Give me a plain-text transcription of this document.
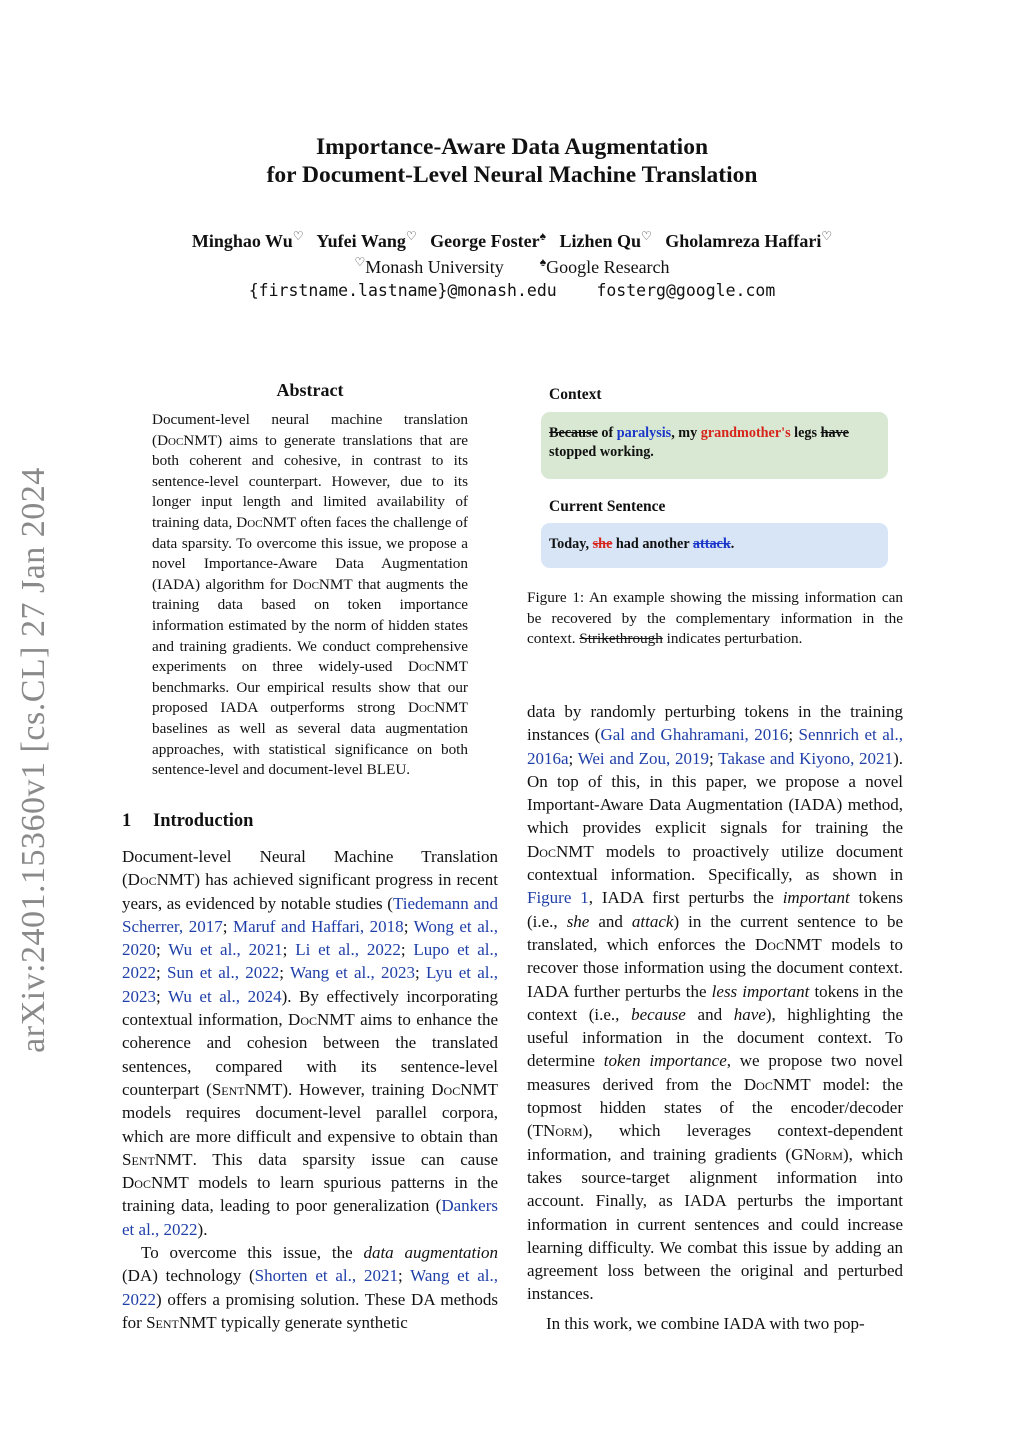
arXiv:2401.15360v1 [cs.CL] 27 Jan 2024
Importance-Aware Data Augmentation
for Document-Level Neural Machine Translation
Minghao Wu♡ Yufei Wang♡ George Foster♠ Lizhen Qu♡ Gholamreza Haffari♡
♡Monash University	♠Google Research
{firstname.lastname}@monash.edu fosterg@google.com
Abstract
Document-level neural machine translation (DocNMT) aims to generate translations that are both coherent and cohesive, in contrast to its sentence-level counterpart. However, due to its longer input length and limited availability of training data, DocNMT often faces the challenge of data sparsity. To overcome this issue, we propose a novel Importance-Aware Data Augmentation (IADA) algorithm for DocNMT that augments the training data based on token importance information estimated by the norm of hidden states and training gradients. We conduct comprehensive experiments on three widely-used DocNMT benchmarks. Our empirical results show that our proposed IADA outperforms strong DocNMT baselines as well as several data augmentation approaches, with statistical significance on both sentence-level and document-level BLEU.
1 Introduction

Document-level Neural Machine Translation (DocNMT) has achieved significant progress in recent years, as evidenced by notable studies (Tiedemann and Scherrer, 2017; Maruf and Haffari, 2018; Wong et al., 2020; Wu et al., 2021; Li et al., 2022; Lupo et al., 2022; Sun et al., 2022; Wang et al., 2023; Lyu et al., 2023; Wu et al., 2024). By effectively incorporating contextual information, DocNMT aims to enhance the coherence and cohesion between the translated sentences, compared with its sentence-level counterpart (SentNMT). However, training DocNMT models requires document-level parallel corpora, which are more difficult and expensive to obtain than SentNMT. This data sparsity issue can cause DocNMT models to learn spurious patterns in the training data, leading to poor generalization (Dankers et al., 2022).

To overcome this issue, the data augmentation (DA) technology (Shorten et al., 2021; Wang et al., 2022) offers a promising solution. These DA methods for SentNMT typically generate synthetic

Context
Because of paralysis, my grandmother's legs have stopped working.
Current Sentence
Today, she had another attack.
Figure 1: An example showing the missing information can be recovered by the complementary information in the context. Strikethrough indicates perturbation.

data by randomly perturbing tokens in the training instances (Gal and Ghahramani, 2016; Sennrich et al., 2016a; Wei and Zou, 2019; Takase and Kiyono, 2021). On top of this, in this paper, we propose a novel Important-Aware Data Augmentation (IADA) method, which provides explicit signals for training the DocNMT models to proactively utilize document contextual information. Specifically, as shown in Figure 1, IADA first perturbs the important tokens (i.e., she and attack) in the current sentence to be translated, which enforces the DocNMT models to recover those information using the document context. IADA further perturbs the less important tokens in the context (i.e., because and have), highlighting the useful information in the document context. To determine token importance, we propose two novel measures derived from the DocNMT model: the topmost hidden states of the encoder/decoder (TNorm), which leverages context-dependent information, and training gradients (GNorm), which takes source-target alignment information into account. Finally, as IADA perturbs the important information in current sentences and could increase learning difficulty. We combat this issue by adding an agreement loss between the original and perturbed instances.

In this work, we combine IADA with two pop-
